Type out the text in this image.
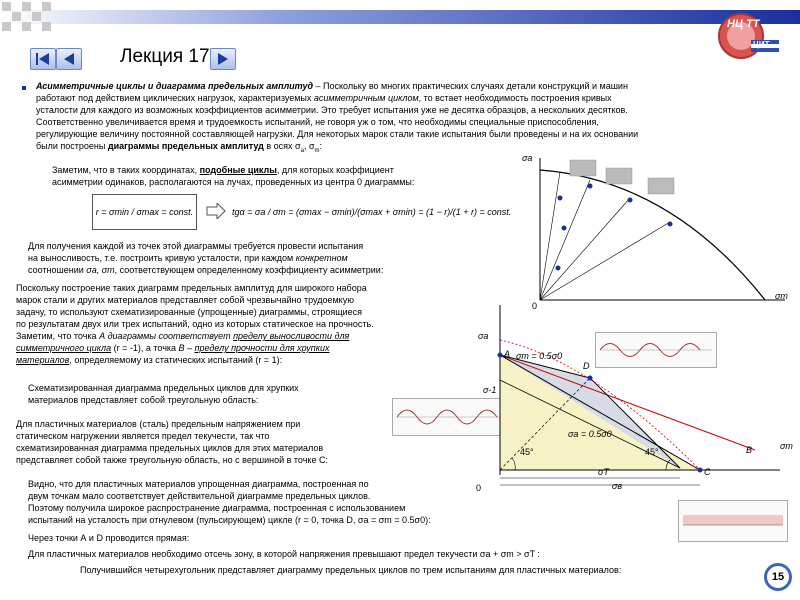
НЦ ТТ
ЦИТ
Лекция 17
Асимметричные циклы и диаграмма предельных амплитуд – Поскольку во многих практических случаях детали конструкций и машин
работают под действием циклических нагрузок, характеризуемых асимметричным циклом, то встает необходимость построения кривых
усталости для каждого из возможных коэффициентов асимметрии. Это требует испытания уже не десятка образцов, а нескольких десятков.
Соответственно увеличивается время и трудоемкость испытаний, не говоря уж о том, что необходимы специальные приспособления,
регулирующие величину постоянной составляющей нагрузки. Для некоторых марок стали такие испытания были проведены и на их основании
были построены диаграммы предельных амплитуд в осях $\sigma_a$, $\sigma_m$:
Заметим, что в таких координатах, подобные циклы, для которых коэффициент
асимметрии одинаков, располагаются на лучах, проведенных из центра 0 диаграммы:
r = σmin / σmax = const.	tgα = σa / σm = (σmax − σmin)/(σmax + σmin) = (1 − r)/(1 + r) = const.
Для получения каждой из точек этой диаграммы требуется провести испытания
на выносливость, т.е. построить кривую усталости, при каждом конкретном
соотношении σa, σm, соответствующем определенному коэффициенту асимметрии:
Поскольку построение таких диаграмм предельных амплитуд для широкого набора
марок стали и других материалов представляет собой чрезвычайно трудоемкую
задачу, то используют схематизированные (упрощенные) диаграммы, строящиеся
по результатам двух или трех испытаний, одно из которых статическое на прочность.
Заметим, что точка А диаграммы соответствует пределу выносливости для
симметричного цикла (r = -1), а точка В – пределу прочности для хрупких
материалов, определяемому из статических испытаний (r = 1):
Схематизированная диаграмма предельных циклов для хрупких
материалов представляет собой треугольную область:
Для пластичных материалов (сталь) предельным напряжением при
статическом нагружении является предел текучести, так что
схематизированная диаграмма предельных циклов для этих материалов
представляет собой также треугольную область, но с вершиной в точке С:
Видно, что для пластичных материалов упрощенная диаграмма, построенная по
двум точкам мало соответствует действительной диаграмме предельных циклов.
Поэтому получила широкое распространение диаграмма, построенная с использованием
испытаний на усталость при отнулевом (пульсирующем) цикле (r = 0, точка D, σa = σm = 0.5σ0):
Через точки А и D проводится прямая:
Для пластичных материалов необходимо отсечь зону, в которой напряжения превышают предел текучести σa + σm > σT :
Получившийся четырехугольник представляет диаграмму предельных циклов по трем испытаниям для пластичных материалов:
σa
σm
σa
σm
0
0
A
D
B
C
σ-1
σT
σв
σm = 0.5σ0
σa = 0.5σ0
45°	45°
15
